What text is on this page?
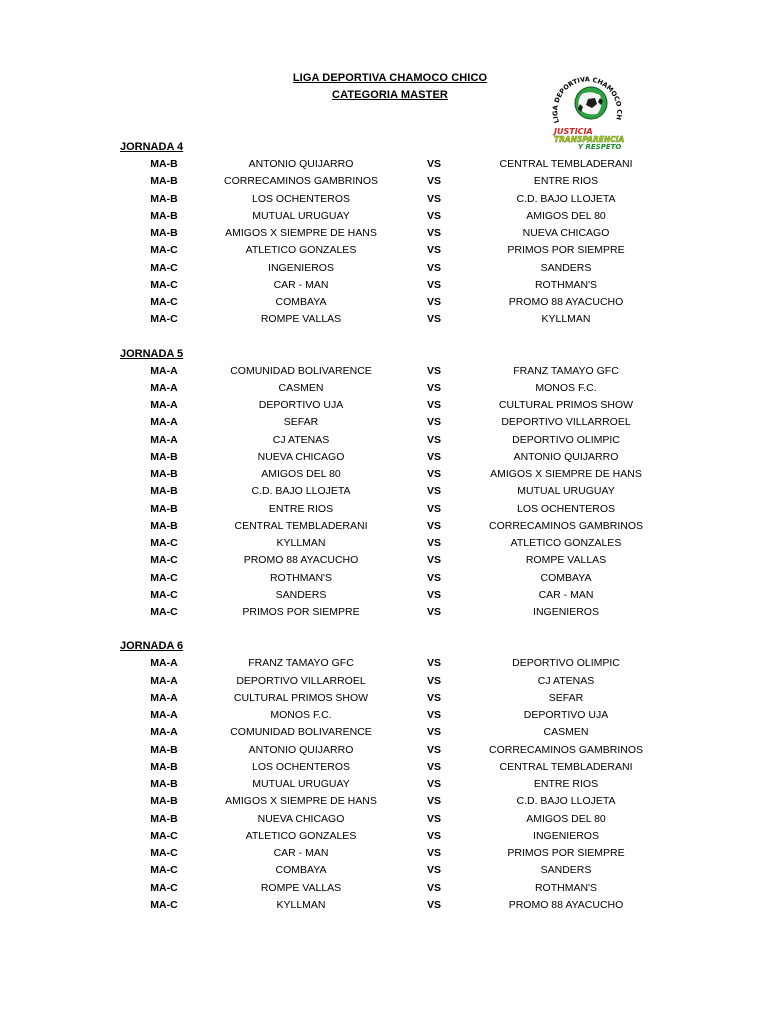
LIGA DEPORTIVA CHAMOCO CHICO
CATEGORIA MASTER
LIGA DEPORTIVA CHAMOCO CH
JUSTICIA
TRANSPARENCIA
Y RESPETO
JORNADA 4
MA-B	ANTONIO QUIJARRO	VS	CENTRAL TEMBLADERANI
MA-B	CORRECAMINOS GAMBRINOS	VS	ENTRE RIOS
MA-B	LOS OCHENTEROS	VS	C.D. BAJO LLOJETA
MA-B	MUTUAL URUGUAY	VS	AMIGOS DEL 80
MA-B	AMIGOS X SIEMPRE DE HANS	VS	NUEVA CHICAGO
MA-C	ATLETICO GONZALES	VS	PRIMOS POR SIEMPRE
MA-C	INGENIEROS	VS	SANDERS
MA-C	CAR - MAN	VS	ROTHMAN'S
MA-C	COMBAYA	VS	PROMO 88 AYACUCHO
MA-C	ROMPE VALLAS	VS	KYLLMAN
JORNADA 5
MA-A	COMUNIDAD BOLIVARENCE	VS	FRANZ TAMAYO GFC
MA-A	CASMEN	VS	MONOS F.C.
MA-A	DEPORTIVO UJA	VS	CULTURAL PRIMOS SHOW
MA-A	SEFAR	VS	DEPORTIVO VILLARROEL
MA-A	CJ ATENAS	VS	DEPORTIVO OLIMPIC
MA-B	NUEVA CHICAGO	VS	ANTONIO QUIJARRO
MA-B	AMIGOS DEL 80	VS	AMIGOS X SIEMPRE DE HANS
MA-B	C.D. BAJO LLOJETA	VS	MUTUAL URUGUAY
MA-B	ENTRE RIOS	VS	LOS OCHENTEROS
MA-B	CENTRAL TEMBLADERANI	VS	CORRECAMINOS GAMBRINOS
MA-C	KYLLMAN	VS	ATLETICO GONZALES
MA-C	PROMO 88 AYACUCHO	VS	ROMPE VALLAS
MA-C	ROTHMAN'S	VS	COMBAYA
MA-C	SANDERS	VS	CAR - MAN
MA-C	PRIMOS POR SIEMPRE	VS	INGENIEROS
JORNADA 6
MA-A	FRANZ TAMAYO GFC	VS	DEPORTIVO OLIMPIC
MA-A	DEPORTIVO VILLARROEL	VS	CJ ATENAS
MA-A	CULTURAL PRIMOS SHOW	VS	SEFAR
MA-A	MONOS F.C.	VS	DEPORTIVO UJA
MA-A	COMUNIDAD BOLIVARENCE	VS	CASMEN
MA-B	ANTONIO QUIJARRO	VS	CORRECAMINOS GAMBRINOS
MA-B	LOS OCHENTEROS	VS	CENTRAL TEMBLADERANI
MA-B	MUTUAL URUGUAY	VS	ENTRE RIOS
MA-B	AMIGOS X SIEMPRE DE HANS	VS	C.D. BAJO LLOJETA
MA-B	NUEVA CHICAGO	VS	AMIGOS DEL 80
MA-C	ATLETICO GONZALES	VS	INGENIEROS
MA-C	CAR - MAN	VS	PRIMOS POR SIEMPRE
MA-C	COMBAYA	VS	SANDERS
MA-C	ROMPE VALLAS	VS	ROTHMAN'S
MA-C	KYLLMAN	VS	PROMO 88 AYACUCHO
